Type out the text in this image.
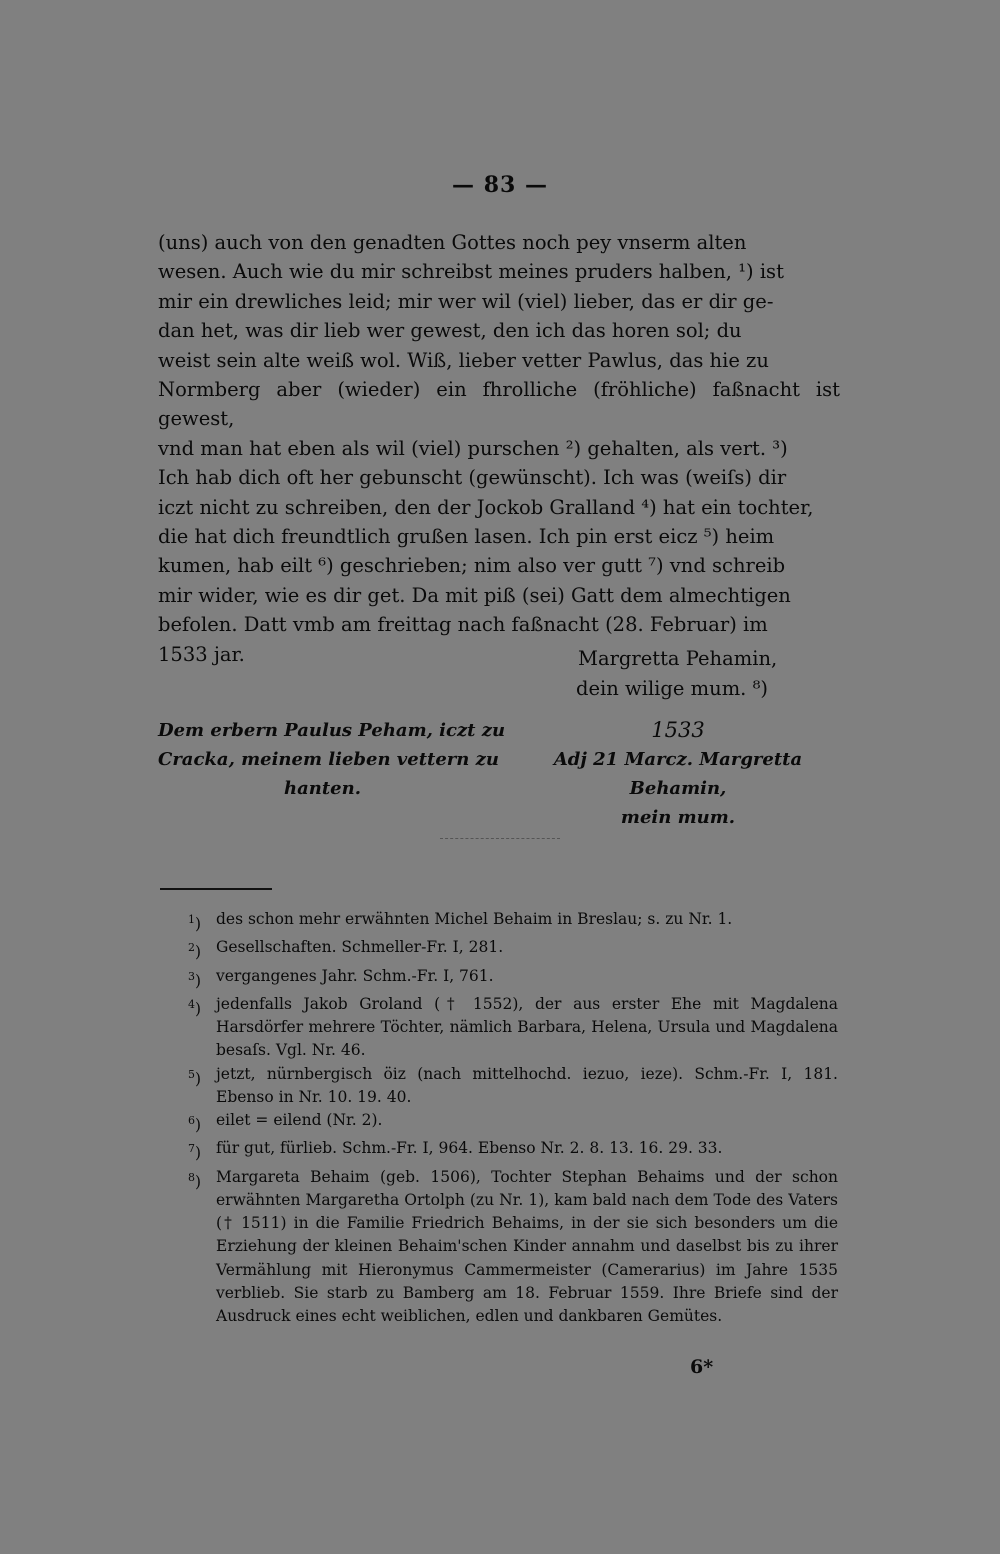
— 83 —

(uns) auch von den genadten Gottes noch pey vnserm alten

wesen. Auch wie du mir schreibst meines pruders halben, ¹) ist

mir ein drewliches leid; mir wer wil (viel) lieber, das er dir ge-

dan het, was dir lieb wer gewest, den ich das horen sol; du

weist sein alte weiß wol. Wiß, lieber vetter Pawlus, das hie zu

Normberg aber (wieder) ein fhrolliche (fröhliche) faßnacht ist gewest,

vnd man hat eben als wil (viel) purschen ²) gehalten, als vert. ³)

Ich hab dich oft her gebunscht (gewünscht). Ich was (weiſs) dir

iczt nicht zu schreiben, den der Jockob Gralland ⁴) hat ein tochter,

die hat dich freundtlich grußen lasen. Ich pin erst eicz ⁵) heim

kumen, hab eilt ⁶) geschrieben; nim also ver gutt ⁷) vnd schreib

mir wider, wie es dir get. Da mit piß (sei) Gatt dem almechtigen

befolen. Datt vmb am freittag nach faßnacht (28. Februar) im

1533 jar.	Margretta Pehamin,
dein wilige mum. ⁸)
Dem erbern Paulus Peham, iczt zu
Cracka, meinem lieben vettern zu
hanten.
1533
Adj 21 Marcz. Margretta Behamin,
mein mum.
$^1$) des schon mehr erwähnten Michel Behaim in Breslau; s. zu Nr. 1.
$^2$) Gesellschaften. Schmeller-Fr. I, 281.
$^3$) vergangenes Jahr. Schm.-Fr. I, 761.
$^4$) jedenfalls Jakob Groland († 1552), der aus erster Ehe mit Magdalena Harsdörfer mehrere Töchter, nämlich Barbara, Helena, Ursula und Magdalena besaſs. Vgl. Nr. 46.
$^5$) jetzt, nürnbergisch öiz (nach mittelhochd. iezuo, ieze). Schm.-Fr. I, 181. Ebenso in Nr. 10. 19. 40.
$^6$) eilet = eilend (Nr. 2).
$^7$) für gut, fürlieb. Schm.-Fr. I, 964. Ebenso Nr. 2. 8. 13. 16. 29. 33.
$^8$) Margareta Behaim (geb. 1506), Tochter Stephan Behaims und der schon erwähnten Margaretha Ortolph (zu Nr. 1), kam bald nach dem Tode des Vaters († 1511) in die Familie Friedrich Behaims, in der sie sich besonders um die Erziehung der kleinen Behaim'schen Kinder annahm und daselbst bis zu ihrer Vermählung mit Hieronymus Cammermeister (Camerarius) im Jahre 1535 verblieb. Sie starb zu Bamberg am 18. Februar 1559. Ihre Briefe sind der Ausdruck eines echt weiblichen, edlen und dankbaren Gemütes.
6*
